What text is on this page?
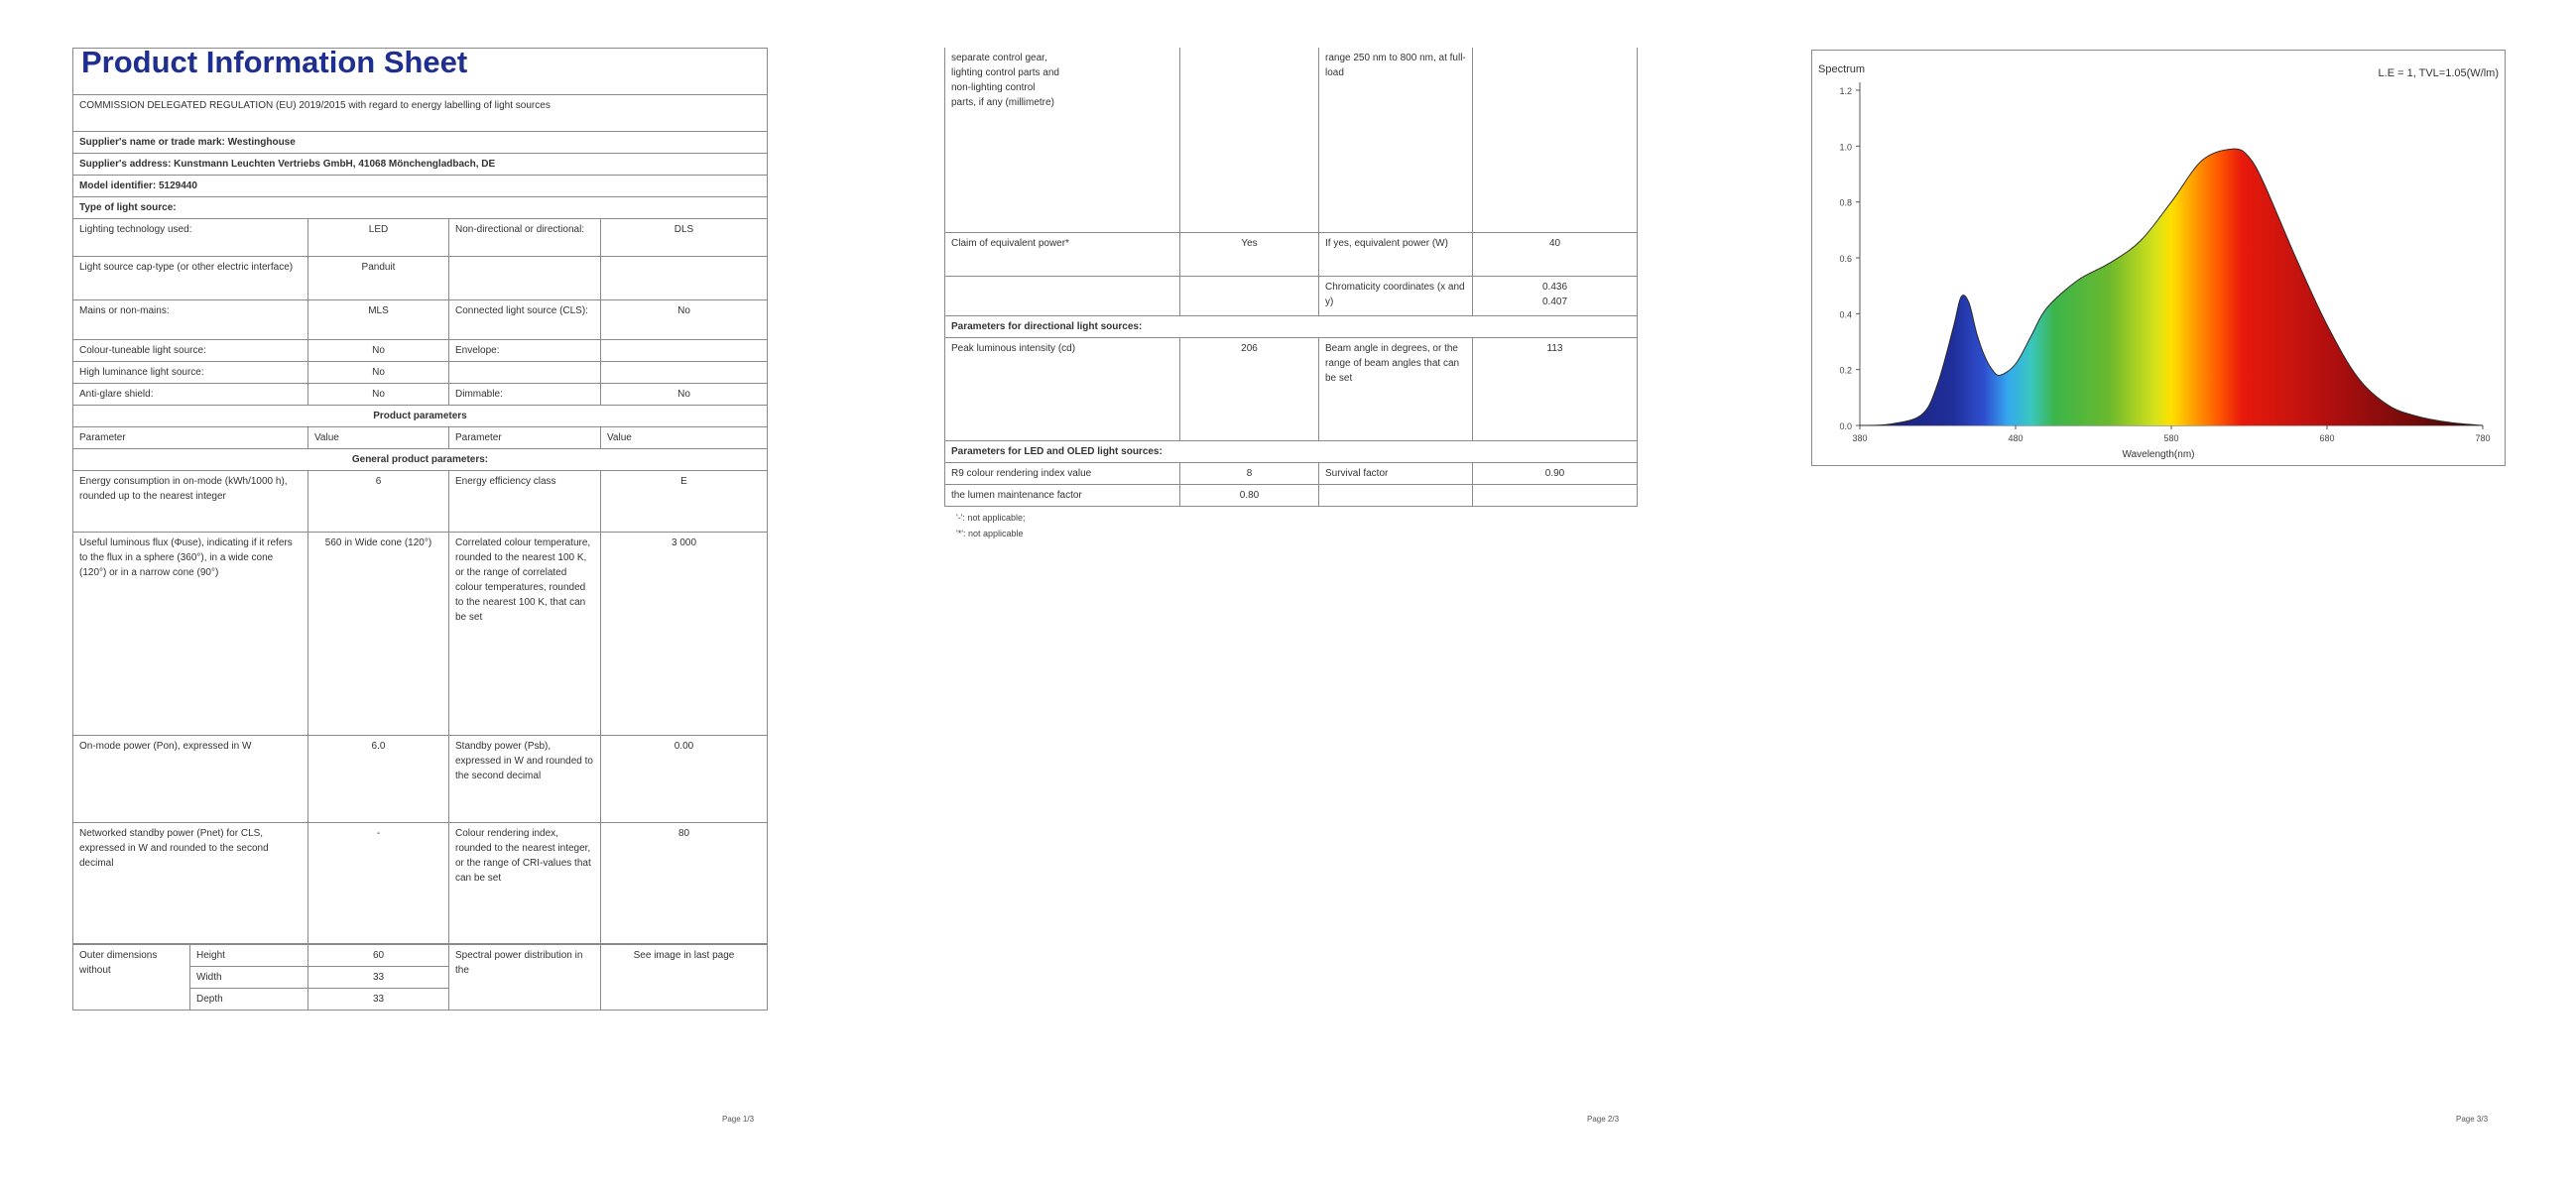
Product Information Sheet			

COMMISSION DELEGATED REGULATION (EU) 2019/2015 with regard to energy labelling of light sources			
Supplier's name or trade mark: Westinghouse			
Supplier's address: Kunstmann Leuchten Vertriebs GmbH, 41068 Mönchengladbach, DE			
Model identifier: 5129440			
Type of light source:			
Lighting technology used:	LED	Non-directional or directional:	DLS
Light source cap-type (or other electric interface)	Panduit		
Mains or non-mains:	MLS	Connected light source (CLS):	No
Colour-tuneable light source:	No	Envelope:	
High luminance light source:	No		
Anti-glare shield:	No	Dimmable:	No
Product parameters			
Parameter	Value	Parameter	Value
General product parameters:			
Energy consumption in on-mode (kWh/1000 h), rounded up to the nearest integer	6	Energy efficiency class	E
Useful luminous flux (Φuse), indicating if it refers to the flux in a sphere (360°), in a wide cone (120°) or in a narrow cone (90°)	560 in Wide cone (120°)	Correlated colour temperature, rounded to the nearest 100 K, or the range of correlated colour temperatures, rounded to the nearest 100 K, that can be set	3 000
On-mode power (Pon), expressed in W	6.0	Standby power (Psb), expressed in W and rounded to the second decimal	0.00
Networked standby power (Pnet) for CLS, expressed in W and rounded to the second decimal	-	Colour rendering index, rounded to the nearest integer, or the range of CRI-values that can be set	80
Outer dimensions without	Height	60	Spectral power distribution in the	See image in last page
	Width	33		
	Depth	33		
Page 1/3
separate control gear, lighting control parts and non-lighting control parts, if any (millimetre)		range 250 nm to 800 nm, at full-load	
Claim of equivalent power*	Yes	If yes, equivalent power (W)	40
		Chromaticity coordinates (x and y)	0.436
0.407
Parameters for directional light sources:			
Peak luminous intensity (cd)	206	Beam angle in degrees, or the range of beam angles that can be set	113
Parameters for LED and OLED light sources:			
R9 colour rendering index value	8	Survival factor	0.90
the lumen maintenance factor	0.80		
'-': not applicable;
'*': not applicable
Page 2/3
Spectrum	L.E = 1, TVL=1.05(W/lm)
Wavelength(nm)
0.0
0.2
0.4
0.6
0.8
1.0
1.2
380	480	580	680	780
Page 3/3
